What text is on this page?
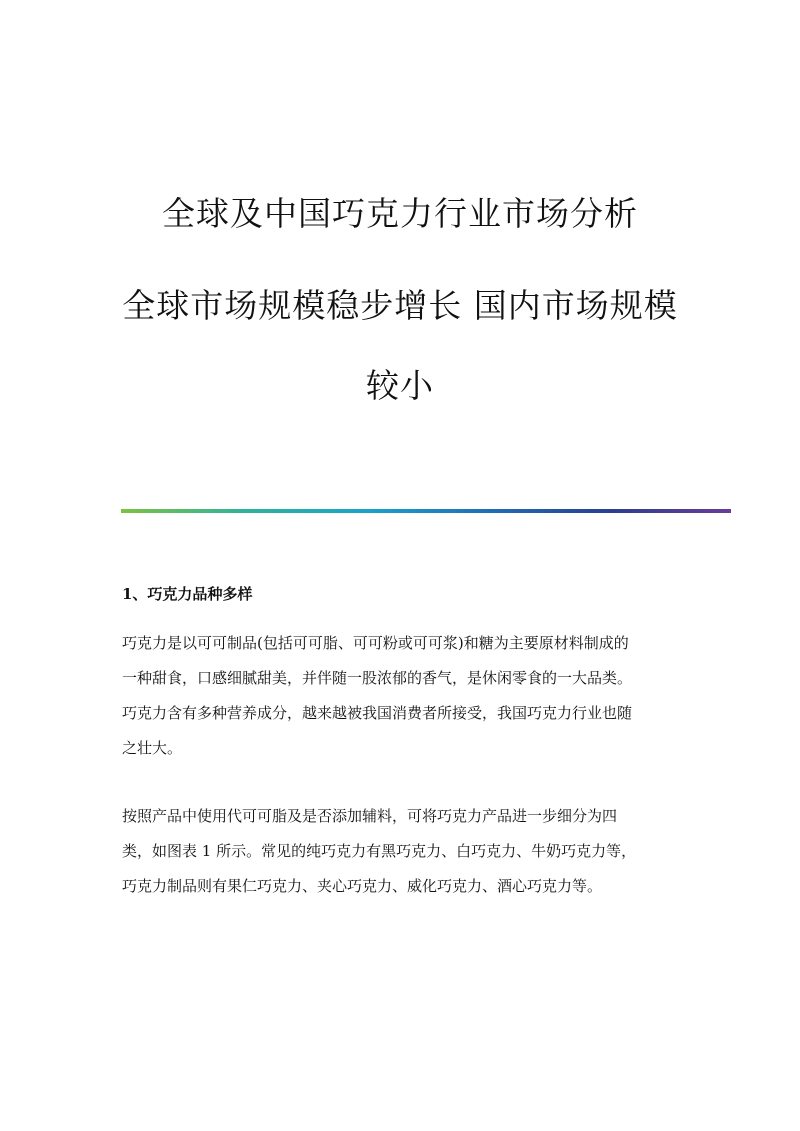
全球及中国巧克力行业市场分析
全球市场规模稳步增长 国内市场规模
较小
1、巧克力品种多样
巧克力是以可可制品(包括可可脂、可可粉或可可浆)和糖为主要原材料制成的
一种甜食，口感细腻甜美，并伴随一股浓郁的香气，是休闲零食的一大品类。
巧克力含有多种营养成分，越来越被我国消费者所接受，我国巧克力行业也随
之壮大。
按照产品中使用代可可脂及是否添加辅料，可将巧克力产品进一步细分为四
类，如图表 1 所示。常见的纯巧克力有黑巧克力、白巧克力、牛奶巧克力等，
巧克力制品则有果仁巧克力、夹心巧克力、威化巧克力、酒心巧克力等。
